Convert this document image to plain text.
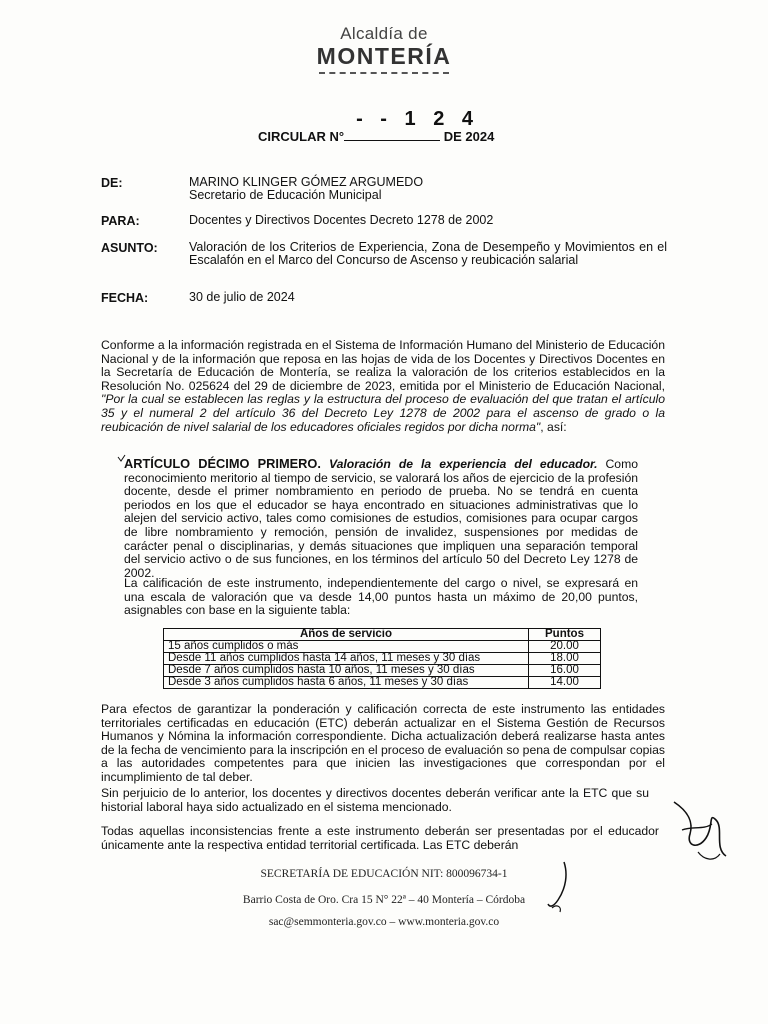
Alcaldía de
MONTERÍA
CIRCULAR N°
- - 1 2 4
DE 2024
DE:	MARINO KLINGER GÓMEZ ARGUMEDO
Secretario de Educación Municipal
PARA:	Docentes y Directivos Docentes Decreto 1278 de 2002
ASUNTO:	Valoración de los Criterios de Experiencia, Zona de Desempeño y Movimientos en el Escalafón en el Marco del Concurso de Ascenso y reubicación salarial
FECHA:	30 de julio de 2024
Conforme a la información registrada en el Sistema de Información Humano del Ministerio de Educación Nacional y de la información que reposa en las hojas de vida de los Docentes y Directivos Docentes en la Secretaría de Educación de Montería, se realiza la valoración de los criterios establecidos en la Resolución No. 025624 del 29 de diciembre de 2023, emitida por el Ministerio de Educación Nacional, "Por la cual se establecen las reglas y la estructura del proceso de evaluación del que tratan el artículo 35 y el numeral 2 del artículo 36 del Decreto Ley 1278 de 2002 para el ascenso de grado o la reubicación de nivel salarial de los educadores oficiales regidos por dicha norma", así:
ARTÍCULO DÉCIMO PRIMERO. Valoración de la experiencia del educador. Como reconocimiento meritorio al tiempo de servicio, se valorará los años de ejercicio de la profesión docente, desde el primer nombramiento en periodo de prueba. No se tendrá en cuenta periodos en los que el educador se haya encontrado en situaciones administrativas que lo alejen del servicio activo, tales como comisiones de estudios, comisiones para ocupar cargos de libre nombramiento y remoción, pensión de invalidez, suspensiones por medidas de carácter penal o disciplinarias, y demás situaciones que impliquen una separación temporal del servicio activo o de sus funciones, en los términos del artículo 50 del Decreto Ley 1278 de 2002.
La calificación de este instrumento, independientemente del cargo o nivel, se expresará en una escala de valoración que va desde 14,00 puntos hasta un máximo de 20,00 puntos, asignables con base en la siguiente tabla:
Años de servicio	Puntos
15 años cumplidos o más	20.00
Desde 11 años cumplidos hasta 14 años, 11 meses y 30 días	18.00
Desde 7 años cumplidos hasta 10 años, 11 meses y 30 días	16.00
Desde 3 años cumplidos hasta 6 años, 11 meses y 30 días	14.00
Para efectos de garantizar la ponderación y calificación correcta de este instrumento las entidades territoriales certificadas en educación (ETC) deberán actualizar en el Sistema Gestión de Recursos Humanos y Nómina la información correspondiente. Dicha actualización deberá realizarse hasta antes de la fecha de vencimiento para la inscripción en el proceso de evaluación so pena de compulsar copias a las autoridades competentes para que inicien las investigaciones que correspondan por el incumplimiento de tal deber.
Sin perjuicio de lo anterior, los docentes y directivos docentes deberán verificar ante la ETC que su historial laboral haya sido actualizado en el sistema mencionado.
Todas aquellas inconsistencias frente a este instrumento deberán ser presentadas por el educador únicamente ante la respectiva entidad territorial certificada. Las ETC deberán
SECRETARÍA DE EDUCACIÓN NIT: 800096734-1
Barrio Costa de Oro. Cra 15 N° 22ª – 40 Montería – Córdoba
sac@semmonteria.gov.co – www.monteria.gov.co
